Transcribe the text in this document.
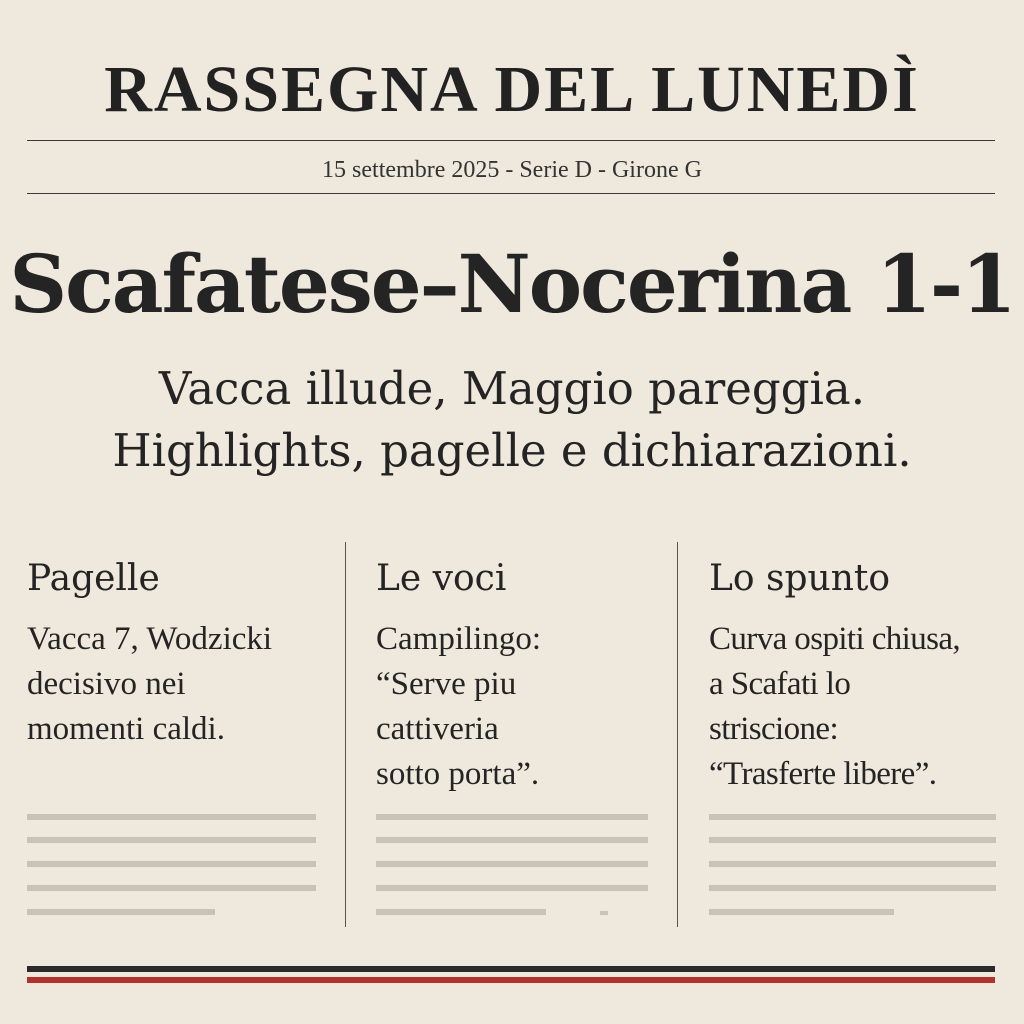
RASSEGNA DEL LUNEDÌ
15 settembre 2025 - Serie D - Girone G
Scafatese–Nocerina 1-1
Vacca illude, Maggio pareggia.
Highlights, pagelle e dichiarazioni.
Pagelle
Vacca 7, Wodzicki
decisivo nei
momenti caldi.
Le voci
Campilingo:
“Serve piu
cattiveria
sotto porta”.
Lo spunto
Curva ospiti chiusa,
a Scafati lo
striscione:
“Trasferte libere”.
